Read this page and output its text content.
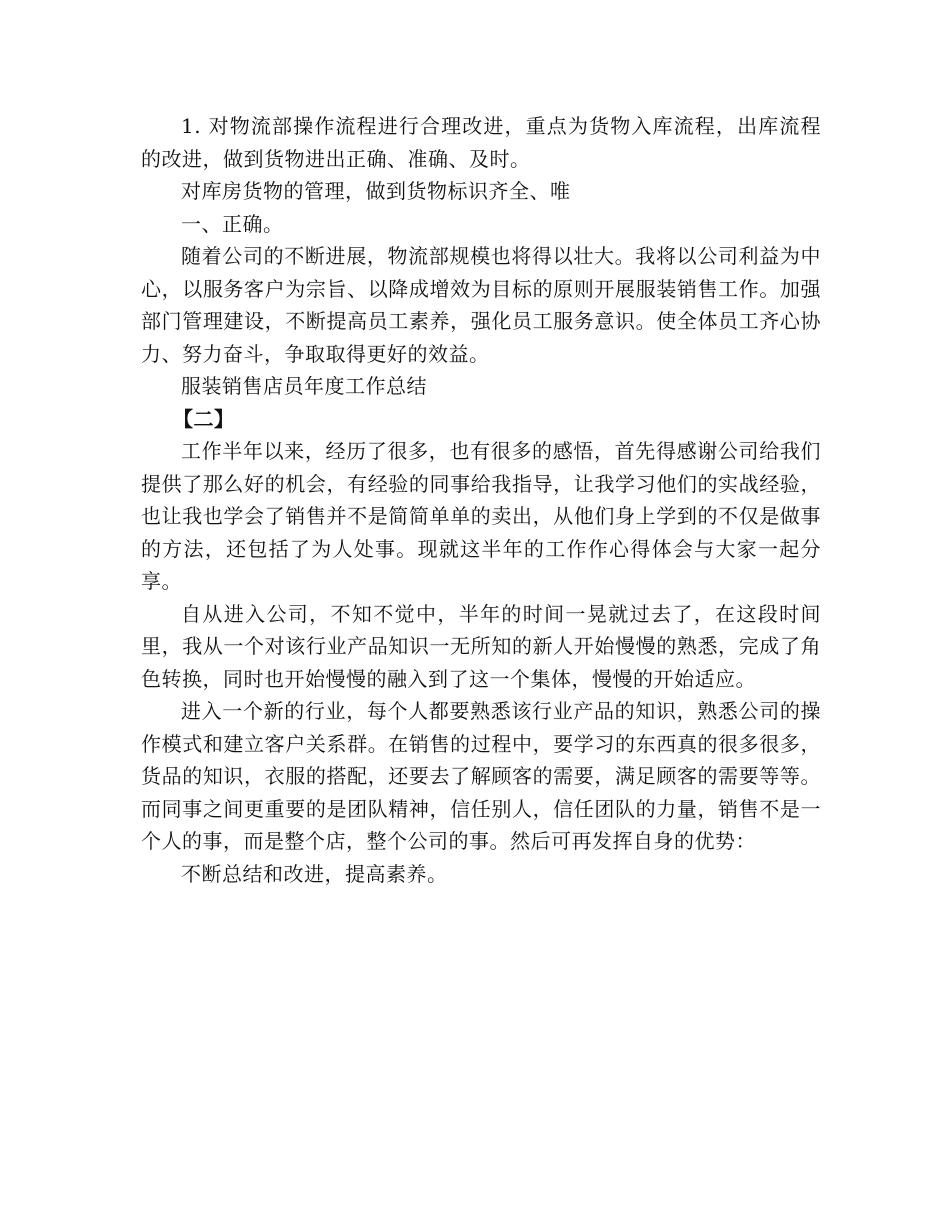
1. 对物流部操作流程进行合理改进，重点为货物入库流程，出库流程的改进，做到货物进出正确、准确、及时。

对库房货物的管理，做到货物标识齐全、唯

一、正确。

随着公司的不断进展，物流部规模也将得以壮大。我将以公司利益为中心，以服务客户为宗旨、以降成增效为目标的原则开展服装销售工作。加强部门管理建设，不断提高员工素养，强化员工服务意识。使全体员工齐心协力、努力奋斗，争取取得更好的效益。

服装销售店员年度工作总结

【二】

工作半年以来，经历了很多，也有很多的感悟，首先得感谢公司给我们提供了那么好的机会，有经验的同事给我指导，让我学习他们的实战经验，也让我也学会了销售并不是简简单单的卖出，从他们身上学到的不仅是做事的方法，还包括了为人处事。现就这半年的工作作心得体会与大家一起分享。

自从进入公司，不知不觉中，半年的时间一晃就过去了，在这段时间里，我从一个对该行业产品知识一无所知的新人开始慢慢的熟悉，完成了角色转换，同时也开始慢慢的融入到了这一个集体，慢慢的开始适应。

进入一个新的行业，每个人都要熟悉该行业产品的知识，熟悉公司的操作模式和建立客户关系群。在销售的过程中，要学习的东西真的很多很多，货品的知识，衣服的搭配，还要去了解顾客的需要，满足顾客的需要等等。而同事之间更重要的是团队精神，信任别人，信任团队的力量，销售不是一个人的事，而是整个店，整个公司的事。然后可再发挥自身的优势：

不断总结和改进，提高素养。
